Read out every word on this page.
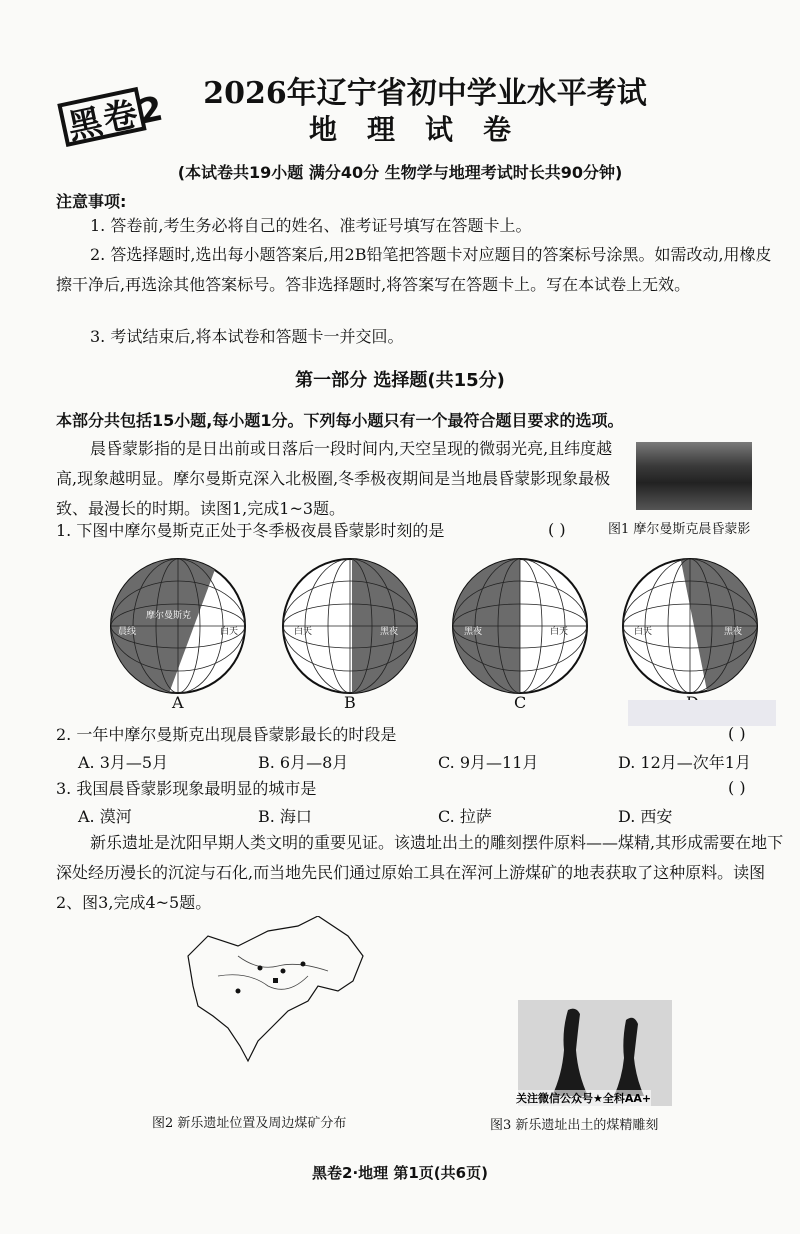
黑卷2	2026年辽宁省初中学业水平考试
地理试卷
(本试卷共19小题 满分40分 生物学与地理考试时长共90分钟)
注意事项:
1. 答卷前,考生务必将自己的姓名、准考证号填写在答题卡上。
2. 答选择题时,选出每小题答案后,用2B铅笔把答题卡对应题目的答案标号涂黑。如需改动,用橡皮擦干净后,再选涂其他答案标号。答非选择题时,将答案写在答题卡上。写在本试卷上无效。
3. 考试结束后,将本试卷和答题卡一并交回。
第一部分 选择题(共15分)
本部分共包括15小题,每小题1分。下列每小题只有一个最符合题目要求的选项。
晨昏蒙影指的是日出前或日落后一段时间内,天空呈现的微弱光亮,且纬度越高,现象越明显。摩尔曼斯克深入北极圈,冬季极夜期间是当地晨昏蒙影现象最极致、最漫长的时期。读图1,完成1~3题。
图1 摩尔曼斯克晨昏蒙影
1. 下图中摩尔曼斯克正处于冬季极夜晨昏蒙影时刻的是	( )
摩尔曼斯克
晨线	白天
A
白天	黑夜
B
黑夜	白天
C
白天	黑夜
2. 一年中摩尔曼斯克出现晨昏蒙影最长的时段是	( )
A. 3月—5月	B. 6月—8月	C. 9月—11月	D. 12月—次年1月
3. 我国晨昏蒙影现象最明显的城市是	( )
A. 漠河	B. 海口	C. 拉萨	D. 西安
新乐遗址是沈阳早期人类文明的重要见证。该遗址出土的雕刻摆件原料——煤精,其形成需要在地下深处经历漫长的沉淀与石化,而当地先民们通过原始工具在浑河上游煤矿的地表获取了这种原料。读图2、图3,完成4~5题。
图2 新乐遗址位置及周边煤矿分布
关注微信公众号★全科AA+
图3 新乐遗址出土的煤精雕刻
黑卷2·地理 第1页(共6页)
